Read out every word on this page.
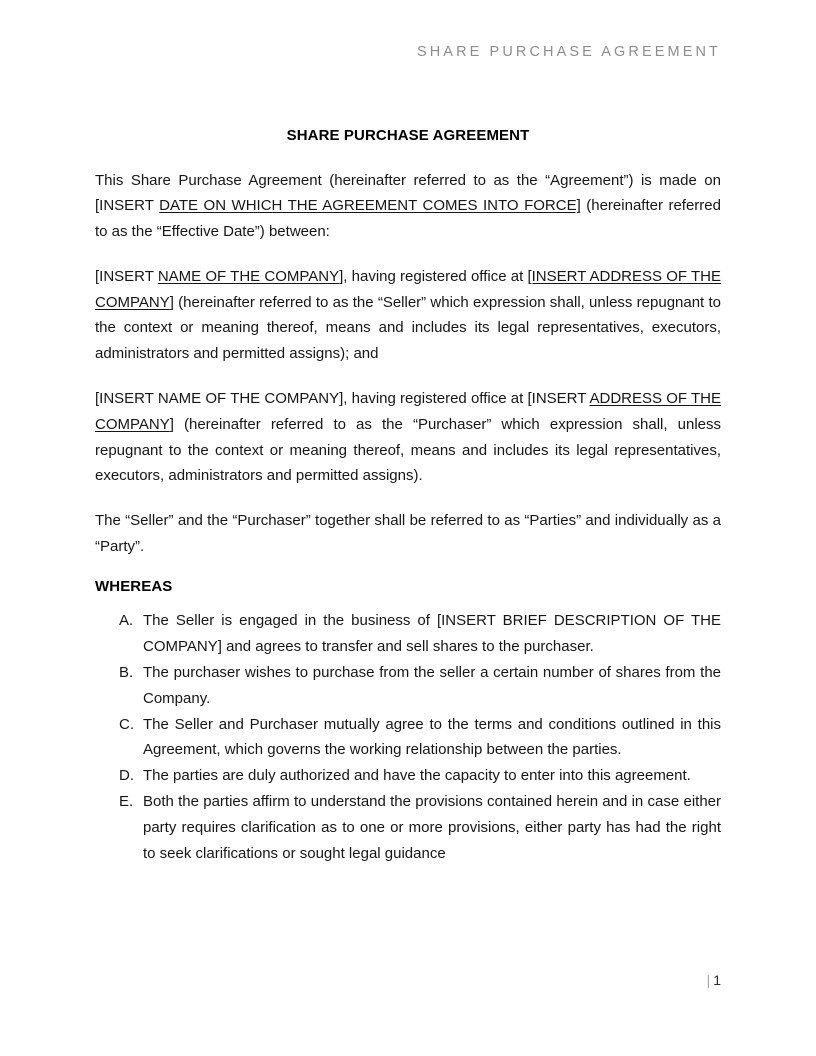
SHARE PURCHASE AGREEMENT
SHARE PURCHASE AGREEMENT

This Share Purchase Agreement (hereinafter referred to as the “Agreement”) is made on [INSERT DATE ON WHICH THE AGREEMENT COMES INTO FORCE] (hereinafter referred to as the “Effective Date”) between:

[INSERT NAME OF THE COMPANY], having registered office at [INSERT ADDRESS OF THE COMPANY] (hereinafter referred to as the “Seller” which expression shall, unless repugnant to the context or meaning thereof, means and includes its legal representatives, executors, administrators and permitted assigns); and

[INSERT NAME OF THE COMPANY], having registered office at [INSERT ADDRESS OF THE COMPANY] (hereinafter referred to as the “Purchaser” which expression shall, unless repugnant to the context or meaning thereof, means and includes its legal representatives, executors, administrators and permitted assigns).

The “Seller” and the “Purchaser” together shall be referred to as “Parties” and individually as a “Party”.

WHEREAS
A. The Seller is engaged in the business of [INSERT BRIEF DESCRIPTION OF THE COMPANY] and agrees to transfer and sell shares to the purchaser.
B. The purchaser wishes to purchase from the seller a certain number of shares from the Company.
C. The Seller and Purchaser mutually agree to the terms and conditions outlined in this Agreement, which governs the working relationship between the parties.
D. The parties are duly authorized and have the capacity to enter into this agreement.
E. Both the parties affirm to understand the provisions contained herein and in case either party requires clarification as to one or more provisions, either party has had the right to seek clarifications or sought legal guidance
| 1
